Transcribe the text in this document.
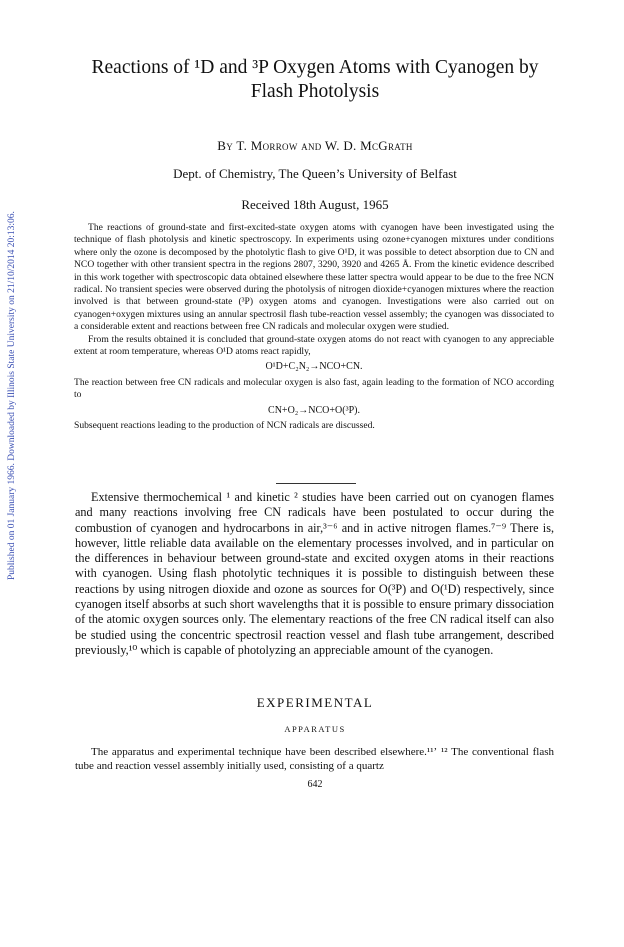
Published on 01 January 1966. Downloaded by Illinois State University on 21/10/2014 20:13:06.
Reactions of ¹D and ³P Oxygen Atoms with Cyanogen by
Flash Photolysis
By T. Morrow and W. D. McGrath
Dept. of Chemistry, The Queen’s University of Belfast
Received 18th August, 1965

The reactions of ground-state and first-excited-state oxygen atoms with cyanogen have been investigated using the technique of flash photolysis and kinetic spectroscopy. In experiments using ozone+cyanogen mixtures under conditions where only the ozone is decomposed by the photolytic flash to give O¹D, it was possible to detect absorption due to CN and NCO together with other transient spectra in the regions 2807, 3290, 3920 and 4265 Å. From the kinetic evidence described in this work together with spectroscopic data obtained elsewhere these latter spectra would appear to be due to the free NCN radical. No transient species were observed during the photolysis of nitrogen dioxide+cyanogen mixtures where the reaction involved is that between ground-state (³P) oxygen atoms and cyanogen. Investigations were also carried out on cyanogen+oxygen mixtures using an annular spectrosil flash tube-reaction vessel assembly; the cyanogen was dissociated to a considerable extent and reactions between free CN radicals and molecular oxygen were studied.

From the results obtained it is concluded that ground-state oxygen atoms do not react with cyanogen to any appreciable extent at room temperature, whereas O¹D atoms react rapidly,

O¹D+C₂N₂→NCO+CN.

The reaction between free CN radicals and molecular oxygen is also fast, again leading to the formation of NCO according to

CN+O₂→NCO+O(³P).

Subsequent reactions leading to the production of NCN radicals are discussed.

Extensive thermochemical ¹ and kinetic ² studies have been carried out on cyanogen flames and many reactions involving free CN radicals have been postulated to occur during the combustion of cyanogen and hydrocarbons in air,³⁻⁶ and in active nitrogen flames.⁷⁻⁹ There is, however, little reliable data available on the elementary processes involved, and in particular on the differences in behaviour between ground-state and excited oxygen atoms in their reactions with cyanogen. Using flash photolytic techniques it is possible to distinguish between these reactions by using nitrogen dioxide and ozone as sources for O(³P) and O(¹D) respectively, since cyanogen itself absorbs at such short wavelengths that it is possible to ensure primary dissociation of the atomic oxygen sources only. The elementary reactions of the free CN radical itself can also be studied using the concentric spectrosil reaction vessel and flash tube arrangement, described previously,¹⁰ which is capable of photolyzing an appreciable amount of the cyanogen.

EXPERIMENTAL
APPARATUS

The apparatus and experimental technique have been described elsewhere.¹¹ʼ ¹² The conventional flash tube and reaction vessel assembly initially used, consisting of a quartz

642
